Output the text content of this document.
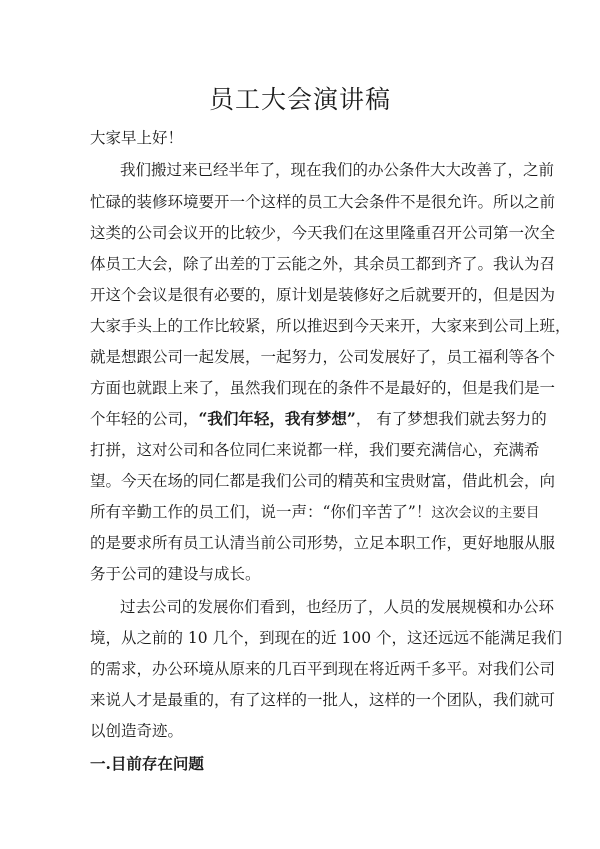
员工大会演讲稿
大家早上好！
我们搬过来已经半年了，现在我们的办公条件大大改善了，之前
忙碌的装修环境要开一个这样的员工大会条件不是很允许。所以之前
这类的公司会议开的比较少，今天我们在这里隆重召开公司第一次全
体员工大会，除了出差的丁云能之外，其余员工都到齐了。我认为召
开这个会议是很有必要的，原计划是装修好之后就要开的，但是因为
大家手头上的工作比较紧，所以推迟到今天来开，大家来到公司上班，
就是想跟公司一起发展，一起努力，公司发展好了，员工福利等各个
方面也就跟上来了，虽然我们现在的条件不是最好的，但是我们是一
个年轻的公司，“我们年轻，我有梦想”， 有了梦想我们就去努力的
打拼，这对公司和各位同仁来说都一样，我们要充满信心，充满希
望。今天在场的同仁都是我们公司的精英和宝贵财富，借此机会，向
所有辛勤工作的员工们，说一声：“你们辛苦了”！这次会议的主要目
的是要求所有员工认清当前公司形势，立足本职工作，更好地服从服
务于公司的建设与成长。
过去公司的发展你们看到，也经历了，人员的发展规模和办公环
境，从之前的 10 几个，到现在的近 100 个，这还远远不能满足我们
的需求，办公环境从原来的几百平到现在将近两千多平。对我们公司
来说人才是最重的，有了这样的一批人，这样的一个团队，我们就可
以创造奇迹。
一.目前存在问题
